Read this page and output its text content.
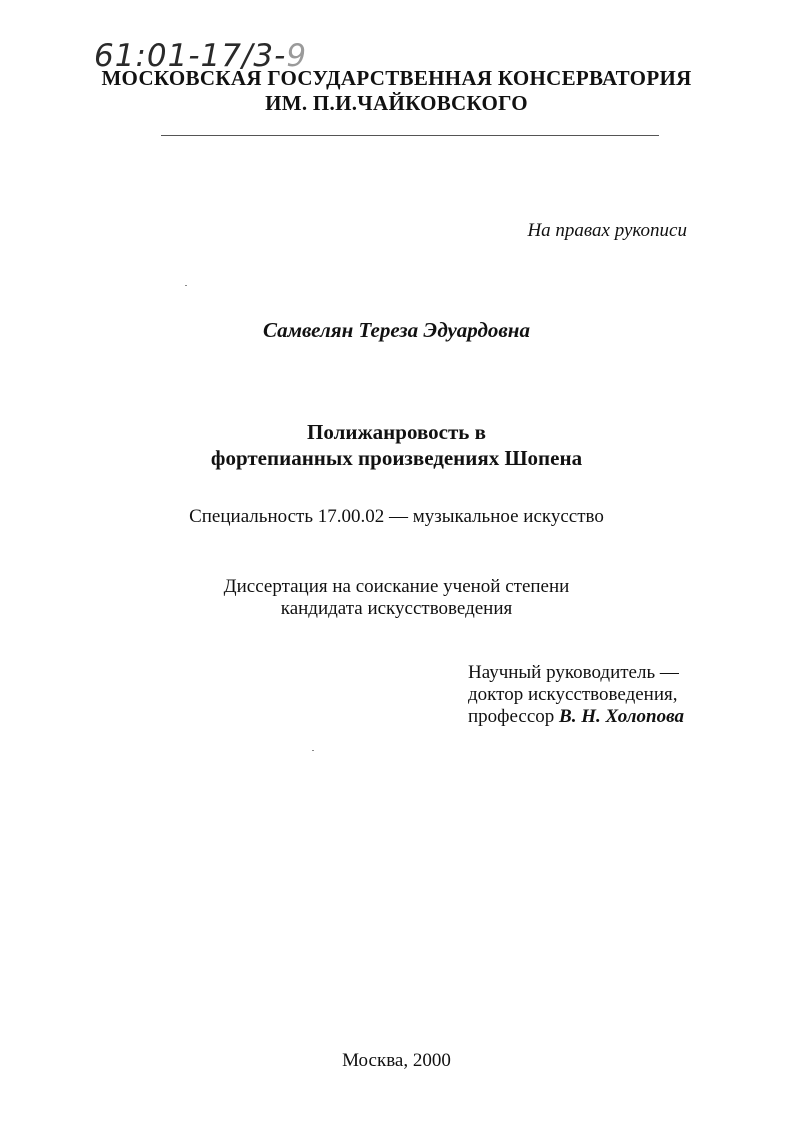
61:01-17/3-9
МОСКОВСКАЯ ГОСУДАРСТВЕННАЯ КОНСЕРВАТОРИЯ
ИМ. П.И.ЧАЙКОВСКОГО
На правах рукописи
Самвелян Тереза Эдуардовна
Полижанровость в
фортепианных произведениях Шопена
Специальность 17.00.02 — музыкальное искусство
Диссертация на соискание ученой степени
кандидата искусствоведения
Научный руководитель —
доктор искусствоведения,
профессор В. Н. Холопова
Москва, 2000
